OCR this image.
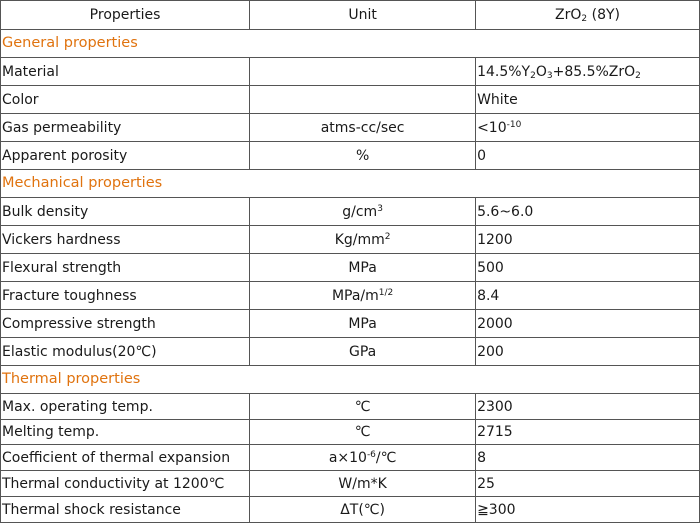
Properties	Unit	ZrO$_2$ (8Y)
General properties		
Material		$14.5\%Y_2O_3+85.5\%ZrO_2$
Color		White
Gas permeability	atms-cc/sec	$<10^{-10}$
Apparent porosity	%	0
Mechanical properties		
Bulk density	$g/cm^3$	5.6~6.0
Vickers hardness	$Kg/mm^2$	1200
Flexural strength	MPa	500
Fracture toughness	MPa/$m^{1/2}$	8.4
Compressive strength	MPa	2000
Elastic modulus(20℃)	GPa	200
Thermal properties		
Max. operating temp.	℃	2300
Melting temp.	℃	2715
Coefficient of thermal expansion	$a\times 10^{-6}/℃$	8
Thermal conductivity at 1200℃	W/m*K	25
Thermal shock resistance	ΔT(℃)	≧300
